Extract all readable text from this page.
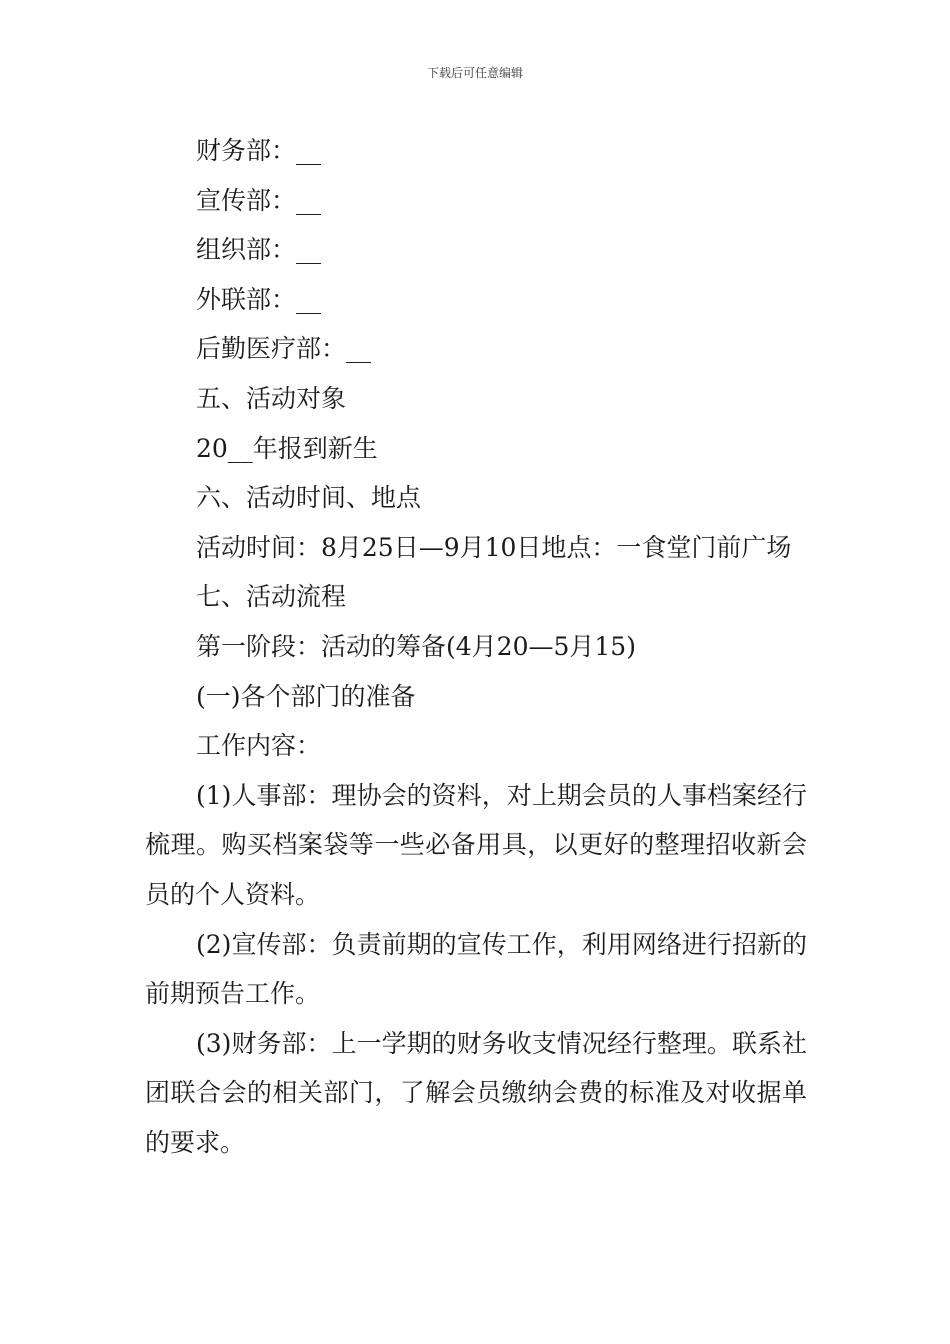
下载后可任意编辑
财务部：__
宣传部：__
组织部：__
外联部：__
后勤医疗部：__
五、活动对象
20__年报到新生
六、活动时间、地点
活动时间：8月25日—9月10日地点：一食堂门前广场
七、活动流程
第一阶段：活动的筹备(4月20—5月15)
(一)各个部门的准备
工作内容：
(1)人事部：理协会的资料，对上期会员的人事档案经行梳理。购买档案袋等一些必备用具，以更好的整理招收新会员的个人资料。
(2)宣传部：负责前期的宣传工作，利用网络进行招新的前期预告工作。
(3)财务部：上一学期的财务收支情况经行整理。联系社团联合会的相关部门，了解会员缴纳会费的标准及对收据单的要求。
